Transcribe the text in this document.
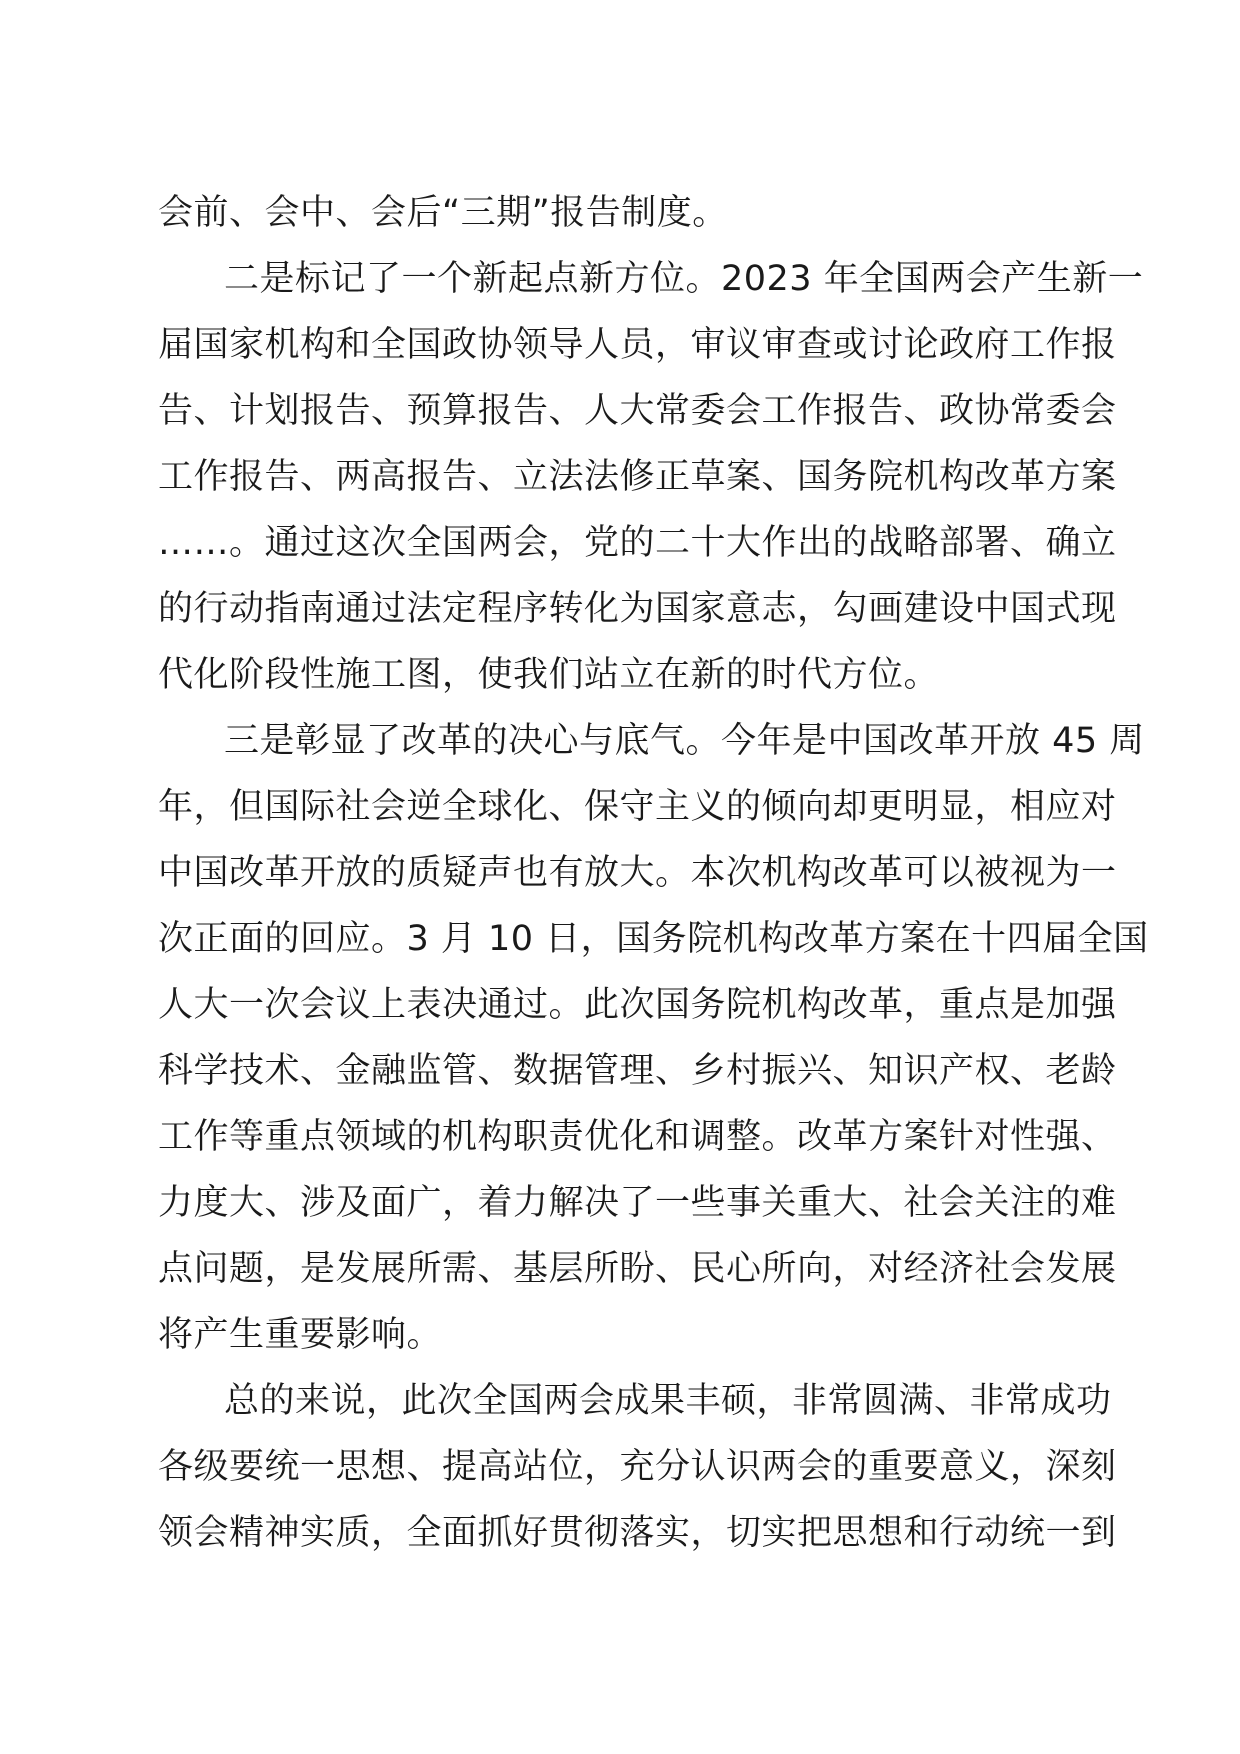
会前、会中、会后“三期”报告制度。
二是标记了一个新起点新方位。2023 年全国两会产生新一
届国家机构和全国政协领导人员，审议审查或讨论政府工作报
告、计划报告、预算报告、人大常委会工作报告、政协常委会
工作报告、两高报告、立法法修正草案、国务院机构改革方案
……。通过这次全国两会，党的二十大作出的战略部署、确立
的行动指南通过法定程序转化为国家意志，勾画建设中国式现
代化阶段性施工图，使我们站立在新的时代方位。
三是彰显了改革的决心与底气。今年是中国改革开放 45 周
年，但国际社会逆全球化、保守主义的倾向却更明显，相应对
中国改革开放的质疑声也有放大。本次机构改革可以被视为一
次正面的回应。3 月 10 日，国务院机构改革方案在十四届全国
人大一次会议上表决通过。此次国务院机构改革，重点是加强
科学技术、金融监管、数据管理、乡村振兴、知识产权、老龄
工作等重点领域的机构职责优化和调整。改革方案针对性强、
力度大、涉及面广，着力解决了一些事关重大、社会关注的难
点问题，是发展所需、基层所盼、民心所向，对经济社会发展
将产生重要影响。
总的来说，此次全国两会成果丰硕，非常圆满、非常成功
各级要统一思想、提高站位，充分认识两会的重要意义，深刻
领会精神实质，全面抓好贯彻落实，切实把思想和行动统一到
